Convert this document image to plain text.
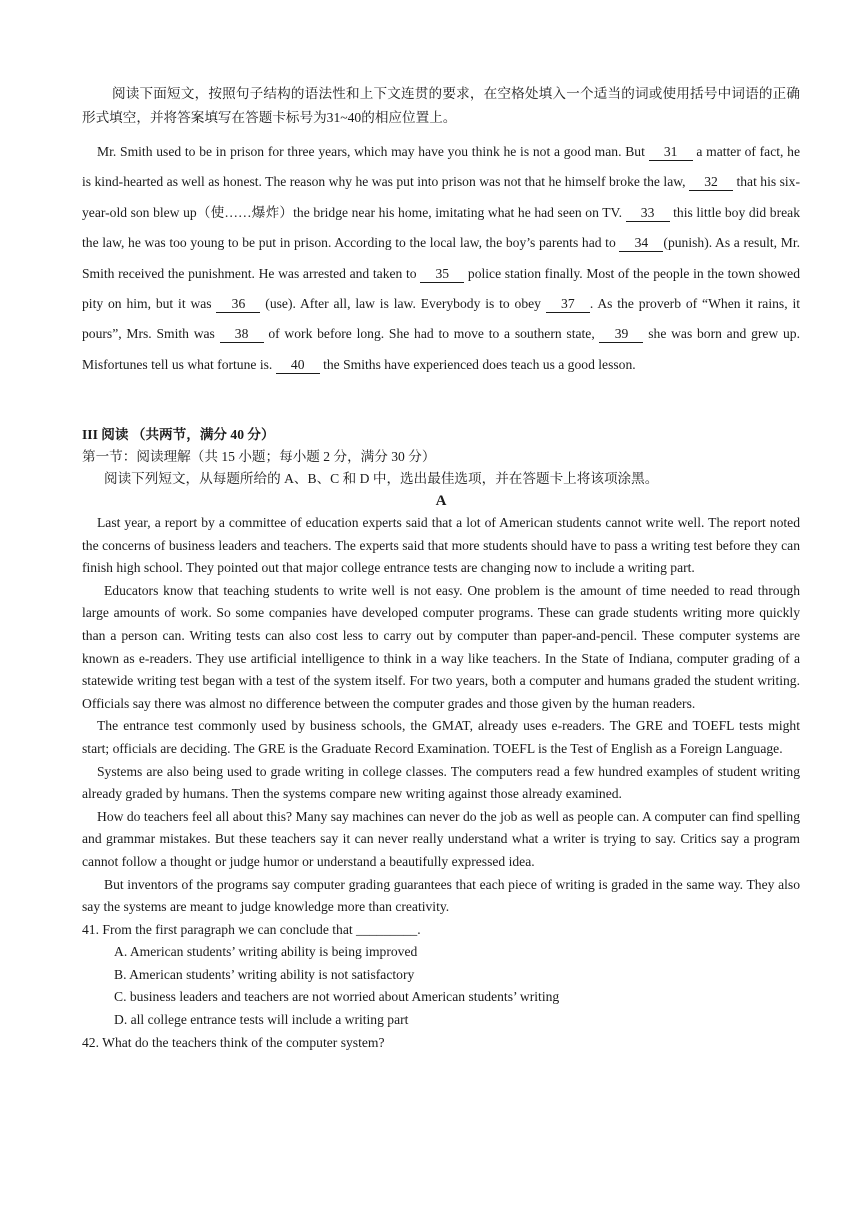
阅读下面短文，按照句子结构的语法性和上下文连贯的要求，在空格处填入一个适当的词或使用括号中词语的正确形式填空，并将答案填写在答题卡标号为31~40的相应位置上。

Mr. Smith used to be in prison for three years, which may have you think he is not a good man. But 31 a matter of fact, he is kind-hearted as well as honest. The reason why he was put into prison was not that he himself broke the law, 32 that his six-year-old son blew up（使……爆炸）the bridge near his home, imitating what he had seen on TV. 33 this little boy did break the law, he was too young to be put in prison. According to the local law, the boy’s parents had to 34 (punish). As a result, Mr. Smith received the punishment. He was arrested and taken to 35 police station finally. Most of the people in the town showed pity on him, but it was 36 (use). After all, law is law. Everybody is to obey 37 . As the proverb of “When it rains, it pours”, Mrs. Smith was 38 of work before long. She had to move to a southern state, 39 she was born and grew up. Misfortunes tell us what fortune is. 40 the Smiths have experienced does teach us a good lesson.

III 阅读 （共两节，满分 40 分）

第一节：阅读理解（共 15 小题；每小题 2 分，满分 30 分）

阅读下列短文，从每题所给的 A、B、C 和 D 中，选出最佳选项，并在答题卡上将该项涂黑。

A

Last year, a report by a committee of education experts said that a lot of American students cannot write well. The report noted the concerns of business leaders and teachers. The experts said that more students should have to pass a writing test before they can finish high school. They pointed out that major college entrance tests are changing now to include a writing part.

Educators know that teaching students to write well is not easy. One problem is the amount of time needed to read through large amounts of work. So some companies have developed computer programs. These can grade students writing more quickly than a person can. Writing tests can also cost less to carry out by computer than paper-and-pencil. These computer systems are known as e-readers. They use artificial intelligence to think in a way like teachers. In the State of Indiana, computer grading of a statewide writing test began with a test of the system itself. For two years, both a computer and humans graded the student writing. Officials say there was almost no difference between the computer grades and those given by the human readers.

The entrance test commonly used by business schools, the GMAT, already uses e-readers. The GRE and TOEFL tests might start; officials are deciding. The GRE is the Graduate Record Examination. TOEFL is the Test of English as a Foreign Language.

Systems are also being used to grade writing in college classes. The computers read a few hundred examples of student writing already graded by humans. Then the systems compare new writing against those already examined.

How do teachers feel all about this? Many say machines can never do the job as well as people can. A computer can find spelling and grammar mistakes. But these teachers say it can never really understand what a writer is trying to say. Critics say a program cannot follow a thought or judge humor or understand a beautifully expressed idea.

But inventors of the programs say computer grading guarantees that each piece of writing is graded in the same way. They also say the systems are meant to judge knowledge more than creativity.

41. From the first paragraph we can conclude that _________.

A. American students’ writing ability is being improved

B. American students’ writing ability is not satisfactory

C. business leaders and teachers are not worried about American students’ writing

D. all college entrance tests will include a writing part

42. What do the teachers think of the computer system?
